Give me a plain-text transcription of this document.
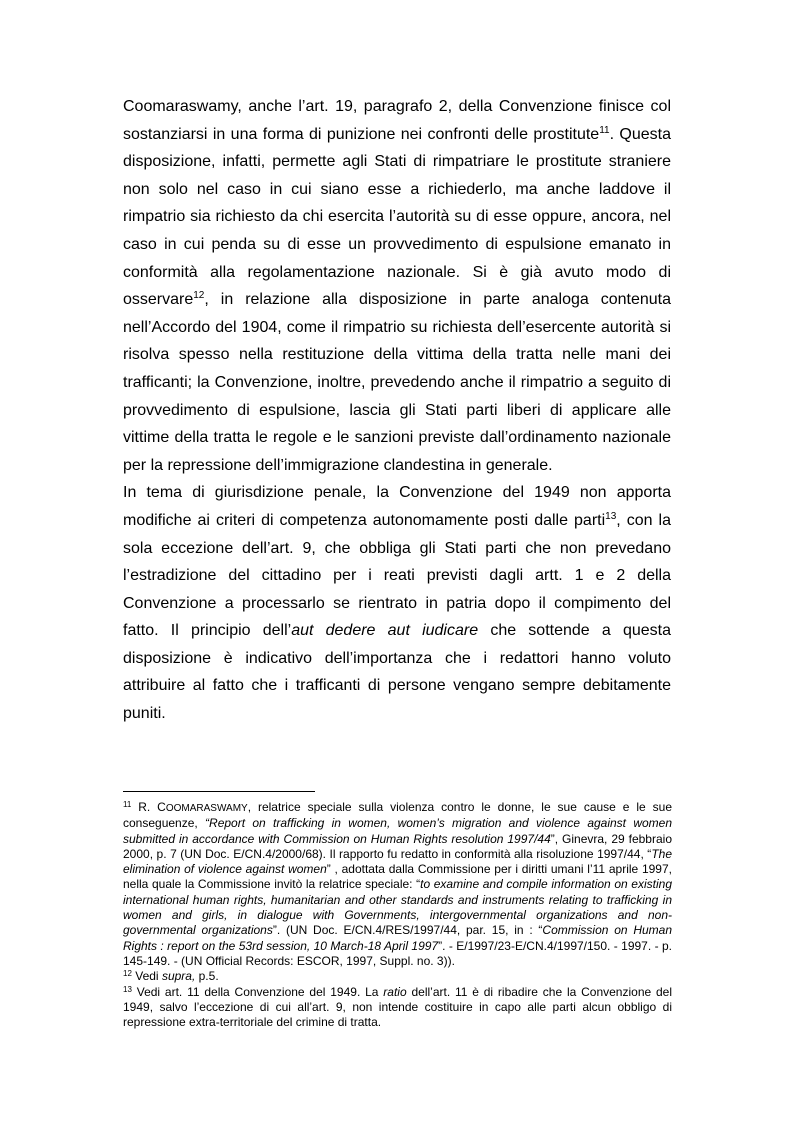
Coomaraswamy, anche l’art. 19, paragrafo 2, della Convenzione finisce col sostanziarsi in una forma di punizione nei confronti delle prostitute$^{11}$. Questa disposizione, infatti, permette agli Stati di rimpatriare le prostitute straniere non solo nel caso in cui siano esse a richiederlo, ma anche laddove il rimpatrio sia richiesto da chi esercita l’autorità su di esse oppure, ancora, nel caso in cui penda su di esse un provvedimento di espulsione emanato in conformità alla regolamentazione nazionale. Si è già avuto modo di osservare$^{12}$, in relazione alla disposizione in parte analoga contenuta nell’Accordo del 1904, come il rimpatrio su richiesta dell’esercente autorità si risolva spesso nella restituzione della vittima della tratta nelle mani dei trafficanti; la Convenzione, inoltre, prevedendo anche il rimpatrio a seguito di provvedimento di espulsione, lascia gli Stati parti liberi di applicare alle vittime della tratta le regole e le sanzioni previste dall’ordinamento nazionale per la repressione dell’immigrazione clandestina in generale.

In tema di giurisdizione penale, la Convenzione del 1949 non apporta modifiche ai criteri di competenza autonomamente posti dalle parti$^{13}$, con la sola eccezione dell’art. 9, che obbliga gli Stati parti che non prevedano l’estradizione del cittadino per i reati previsti dagli artt. 1 e 2 della Convenzione a processarlo se rientrato in patria dopo il compimento del fatto. Il principio dell’aut dedere aut iudicare che sottende a questa disposizione è indicativo dell’importanza che i redattori hanno voluto attribuire al fatto che i trafficanti di persone vengano sempre debitamente puniti.

$^{11}$ R. COOMARASWAMY, relatrice speciale sulla violenza contro le donne, le sue cause e le sue conseguenze, “Report on trafficking in women, women’s migration and violence against women submitted in accordance with Commission on Human Rights resolution 1997/44”, Ginevra, 29 febbraio 2000, p. 7 (UN Doc. E/CN.4/2000/68). Il rapporto fu redatto in conformità alla risoluzione 1997/44, “The elimination of violence against women” , adottata dalla Commissione per i diritti umani l’11 aprile 1997, nella quale la Commissione invitò la relatrice speciale: “to examine and compile information on existing international human rights, humanitarian and other standards and instruments relating to trafficking in women and girls, in dialogue with Governments, intergovernmental organizations and non-governmental organizations”. (UN Doc. E/CN.4/RES/1997/44, par. 15, in : “Commission on Human Rights : report on the 53rd session, 10 March-18 April 1997”. - E/1997/23-E/CN.4/1997/150. - 1997. - p. 145-149. - (UN Official Records: ESCOR, 1997, Suppl. no. 3)).

$^{12}$ Vedi supra, p.5.

$^{13}$ Vedi art. 11 della Convenzione del 1949. La ratio dell’art. 11 è di ribadire che la Convenzione del 1949, salvo l’eccezione di cui all’art. 9, non intende costituire in capo alle parti alcun obbligo di repressione extra-territoriale del crimine di tratta.
